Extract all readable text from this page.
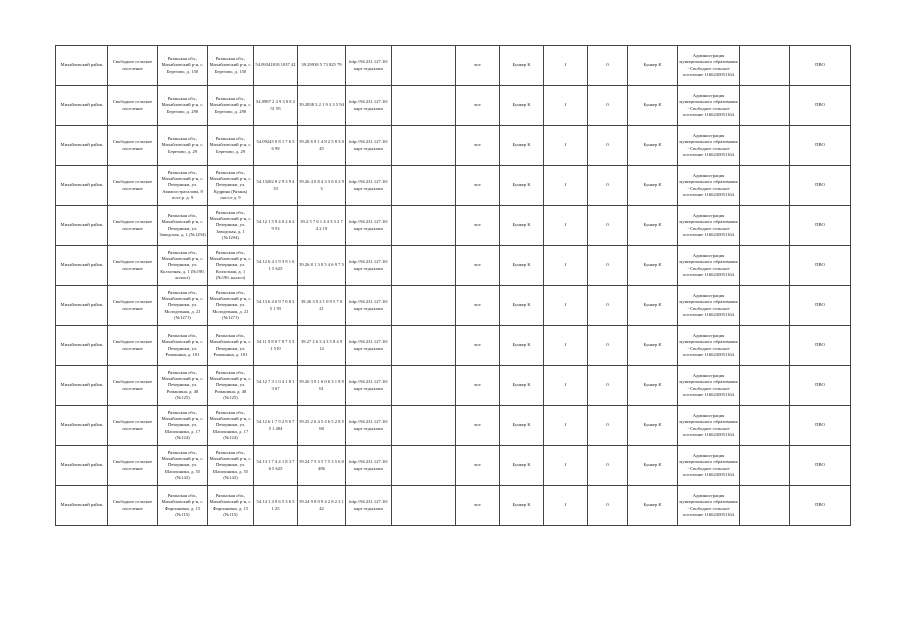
Михайловский район	Свободное сельское поселение	Рязанская обл., Михайловский р-н, с. Березово, д. 150	Рязанская обл., Михайловский р-н, с. Березово, д. 150	54.09341818 1037 42	39.29938 5 73 825 79	http://94.231.127.10/карт отдыхами		все	Бункер К	1	0	Бункер К	Администрация муниципального образования - Свободное сельское поселение 1166230051164		ПВО
Михайловский район	Свободное сельское поселение	Рязанская обл., Михайловский р-н, с. Березово, д. 290	Рязанская обл., Михайловский р-н, с. Березово, д. 290	54.0987 2 4 9 3 0 8 2 51 95	39.2838 3 2 1 9 3 3 5 94	http://94.231.127.10/карт отдыхами		все	Бункер К	1	0	Бункер К	Администрация муниципального образования - Свободное сельское поселение 1166230051164		ПВО
Михайловский район	Свободное сельское поселение	Рязанская обл., Михайловский р-н, с. Березово, д. 29	Рязанская обл., Михайловский р-н, с. Березово, д. 29	54.09245 0 8 1 7 6 3 6 99	39.28 6 9 1 4 8 2 5 8 3 0 45	http://94.231.127.10/карт отдыхами		все	Бункер К	1	0	Бункер К	Администрация муниципального образования - Свободное сельское поселение 1166230051164		ПВО
Михайловский район	Свободное сельское поселение	Рязанская обл., Михайловский р-н, с. Печерники, ул. Авиапострагалова, 8 пост.р. д. 9	Рязанская обл., Михайловский р-н, с. Печерники, ул. Кудрина (Рязань) шоссе д. 9	54.13202 0 2 9 3 9 4 33	39.26 4 0 8 4 3 3 6 0 2 9 3	http://94.231.127.10/карт отдыхами		все	Бункер К	1	0	Бункер К	Администрация муниципального образования - Свободное сельское поселение 1166230051164		ПВО
Михайловский район	Свободное сельское поселение	Рязанская обл., Михайловский р-н, с. Печерники, ул. Заводская, д. 1 (№1294)	Рязанская обл., Михайловский р-н, с. Печерники, ул. Заводская, д. 1 (№1294)	54.12 1 5 9 4 0 2 6 2 9 53	39.2 5 7 6 1 4 4 3 3 2 7 4 2 19	http://94.231.127.10/карт отдыхами		все	Бункер К	1	0	Бункер К	Администрация муниципального образования - Свободное сельское поселение 1166230051164		ПВО
Михайловский район	Свободное сельское поселение	Рязанская обл., Михайловский р-н, с. Печерники, ул. Колхозная, д. 1 (№190, колхоз)	Рязанская обл., Михайловский р-н, с. Печерники, ул. Колхозная, д. 1 (№190, колхоз)	54.12 6 4 1 9 3 9 1 6 1 5 625	39.26 8 1 3 0 5 4 6 9 7 5	http://94.231.127.10/карт отдыхами		все	Бункер К	1	0	Бункер К	Администрация муниципального образования - Свободное сельское поселение 1166230051164		ПВО
Михайловский район	Свободное сельское поселение	Рязанская обл., Михайловский р-н, с. Печерники, ул. Молодежная, д. 21 (№1271)	Рязанская обл., Михайловский р-н, с. Печерники, ул. Молодежная, д. 21 (№1271)	54.13 6 4 6 9 7 0 8 2 5 1 95	39.26 3 9 2 1 0 9 5 7 0 21	http://94.231.127.10/карт отдыхами		все	Бункер К	1	0	Бункер К	Администрация муниципального образования - Свободное сельское поселение 1166230051164		ПВО
Михайловский район	Свободное сельское поселение	Рязанская обл., Михайловский р-н, с. Печерники, ул. Ромашина, д. 101	Рязанская обл., Михайловский р-н, с. Печерники, ул. Ромашина, д. 101	54.11 9 8 0 7 8 7 5 3 1 510	39.27 2 6 3 4 3 5 8 4 9 14	http://94.231.127.10/карт отдыхами		все	Бункер К	1	0	Бункер К	Администрация муниципального образования - Свободное сельское поселение 1166230051164		ПВО
Михайловский район	Свободное сельское поселение	Рязанская обл., Михайловский р-н, с. Печерники, ул. Ромашина, д. 48 (№125)	Рязанская обл., Михайловский р-н, с. Печерники, ул. Ромашина, д. 48 (№125)	54.12 7 3 1 0 4 1 8 1 3 67	39.26 3 9 1 6 0 6 3 1 8 9 61	http://94.231.127.10/карт отдыхами		все	Бункер К	1	0	Бункер К	Администрация муниципального образования - Свободное сельское поселение 1166230051164		ПВО
Михайловский район	Свободное сельское поселение	Рязанская обл., Михайловский р-н, с. Печерники, ул. Шапошника, д. 17 (№124)	Рязанская обл., Михайловский р-н, с. Печерники, ул. Шапошника, д. 17 (№124)	54.12 6 1 7 9 2 9 0 7 5 1 484	39.25 2 6 4 5 4 6 5 2 8 5 68	http://94.231.127.10/карт отдыхами		все	Бункер К	1	0	Бункер К	Администрация муниципального образования - Свободное сельское поселение 1166230051164		ПВО
Михайловский район	Свободное сельское поселение	Рязанская обл., Михайловский р-н, с. Печерники, ул. Шапошника, д. 55 (№142)	Рязанская обл., Михайловский р-н, с. Печерники, ул. Шапошника, д. 55 (№142)	54.13 1 7 4 4 1 8 3 7 6 5 625	39.24 7 5 3 5 7 5 3 5 6 0 486	http://94.231.127.10/карт отдыхами		все	Бункер К	1	0	Бункер К	Администрация муниципального образования - Свободное сельское поселение 1166230051164		ПВО
Михайловский район	Свободное сельское поселение	Рязанская обл., Михайловский р-н, с. Фирсиновка, д. 15 (№115)	Рязанская обл., Михайловский р-н, с. Фирсиновка, д. 15 (№115)	54.14 1 4 9 6 5 3 6 3 1 25	39.24 9 8 0 9 4 2 8 2 3 1 42	http://94.231.127.10/карт отдыхами		все	Бункер К	1	0	Бункер К	Администрация муниципального образования - Свободное сельское поселение 1166230051164		ПВО
